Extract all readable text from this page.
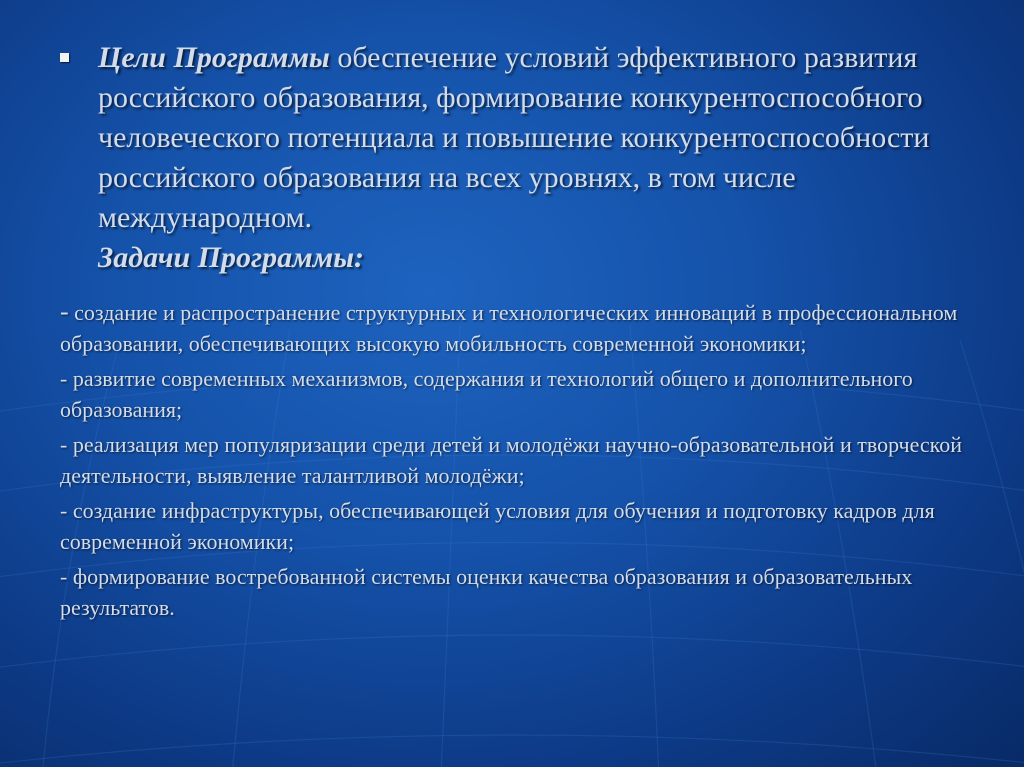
Цели Программы обеспечение условий эффективного развития российского образования, формирование конкурентоспособного человеческого потенциала и повышение конкурентоспособности российского образования на всех уровнях, в том числе международном.
Задачи Программы:
- создание и распространение структурных и технологических инноваций в профессиональном образовании, обеспечивающих высокую мобильность современной экономики;
- развитие современных механизмов, содержания и технологий общего и дополнительного образования;
- реализация мер популяризации среди детей и молодёжи научно-образовательной и творческой деятельности, выявление талантливой молодёжи;
- создание инфраструктуры, обеспечивающей условия для обучения и подготовку кадров для современной экономики;
- формирование востребованной системы оценки качества образования и образовательных результатов.
